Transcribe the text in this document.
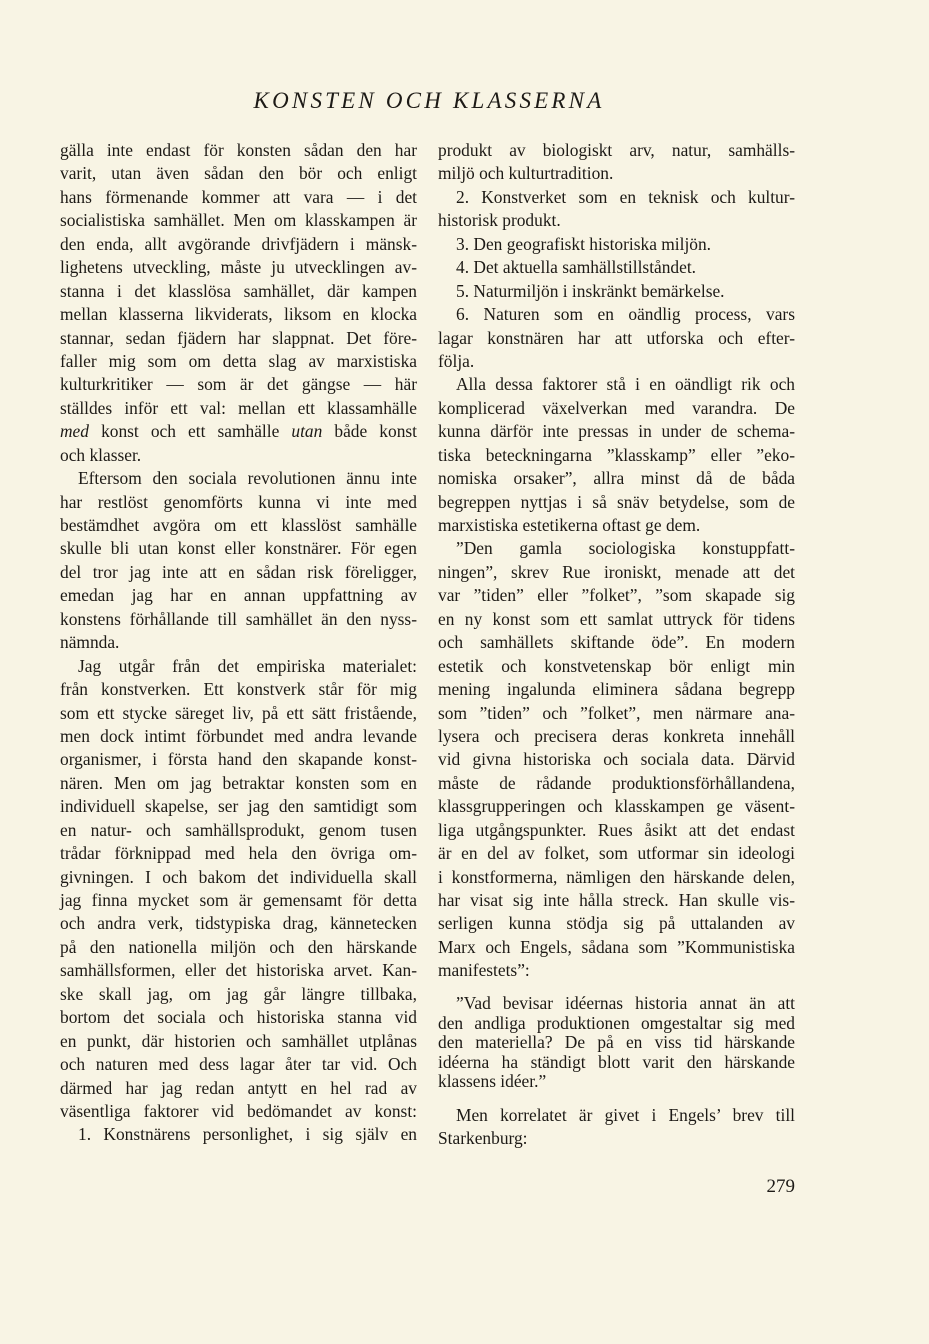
KONSTEN OCH KLASSERNA
gälla inte endast för konsten sådan den har
varit, utan även sådan den bör och enligt
hans förmenande kommer att vara — i det
socialistiska samhället. Men om klasskampen är
den enda, allt avgörande drivfjädern i mänsk-
lighetens utveckling, måste ju utvecklingen av-
stanna i det klasslösa samhället, där kampen
mellan klasserna likviderats, liksom en klocka
stannar, sedan fjädern har slappnat. Det före-
faller mig som om detta slag av marxistiska
kulturkritiker — som är det gängse — här
ställdes inför ett val: mellan ett klassamhälle
med konst och ett samhälle utan både konst
och klasser.
Eftersom den sociala revolutionen ännu inte
har restlöst genomförts kunna vi inte med
bestämdhet avgöra om ett klasslöst samhälle
skulle bli utan konst eller konstnärer. För egen
del tror jag inte att en sådan risk föreligger,
emedan jag har en annan uppfattning av
konstens förhållande till samhället än den nyss-
nämnda.
Jag utgår från det empiriska materialet:
från konstverken. Ett konstverk står för mig
som ett stycke säreget liv, på ett sätt fristående,
men dock intimt förbundet med andra levande
organismer, i första hand den skapande konst-
nären. Men om jag betraktar konsten som en
individuell skapelse, ser jag den samtidigt som
en natur- och samhällsprodukt, genom tusen
trådar förknippad med hela den övriga om-
givningen. I och bakom det individuella skall
jag finna mycket som är gemensamt för detta
och andra verk, tidstypiska drag, kännetecken
på den nationella miljön och den härskande
samhällsformen, eller det historiska arvet. Kan-
ske skall jag, om jag går längre tillbaka,
bortom det sociala och historiska stanna vid
en punkt, där historien och samhället utplånas
och naturen med dess lagar åter tar vid. Och
därmed har jag redan antytt en hel rad av
väsentliga faktorer vid bedömandet av konst:
1. Konstnärens personlighet, i sig själv en
produkt av biologiskt arv, natur, samhälls-
miljö och kulturtradition.
2. Konstverket som en teknisk och kultur-
historisk produkt.
3. Den geografiskt historiska miljön.
4. Det aktuella samhällstillståndet.
5. Naturmiljön i inskränkt bemärkelse.
6. Naturen som en oändlig process, vars
lagar konstnären har att utforska och efter-
följa.
Alla dessa faktorer stå i en oändligt rik och
komplicerad växelverkan med varandra. De
kunna därför inte pressas in under de schema-
tiska beteckningarna ”klasskamp” eller ”eko-
nomiska orsaker”, allra minst då de båda
begreppen nyttjas i så snäv betydelse, som de
marxistiska estetikerna oftast ge dem.
”Den gamla sociologiska konstuppfatt-
ningen”, skrev Rue ironiskt, menade att det
var ”tiden” eller ”folket”, ”som skapade sig
en ny konst som ett samlat uttryck för tidens
och samhällets skiftande öde”. En modern
estetik och konstvetenskap bör enligt min
mening ingalunda eliminera sådana begrepp
som ”tiden” och ”folket”, men närmare ana-
lysera och precisera deras konkreta innehåll
vid givna historiska och sociala data. Därvid
måste de rådande produktionsförhållandena,
klassgrupperingen och klasskampen ge väsent-
liga utgångspunkter. Rues åsikt att det endast
är en del av folket, som utformar sin ideologi
i konstformerna, nämligen den härskande delen,
har visat sig inte hålla streck. Han skulle vis-
serligen kunna stödja sig på uttalanden av
Marx och Engels, sådana som ”Kommunistiska
manifestets”:
”Vad bevisar idéernas historia annat än att
den andliga produktionen omgestaltar sig med
den materiella? De på en viss tid härskande
idéerna ha ständigt blott varit den härskande
klassens idéer.”
Men korrelatet är givet i Engels’ brev till
Starkenburg:
279
